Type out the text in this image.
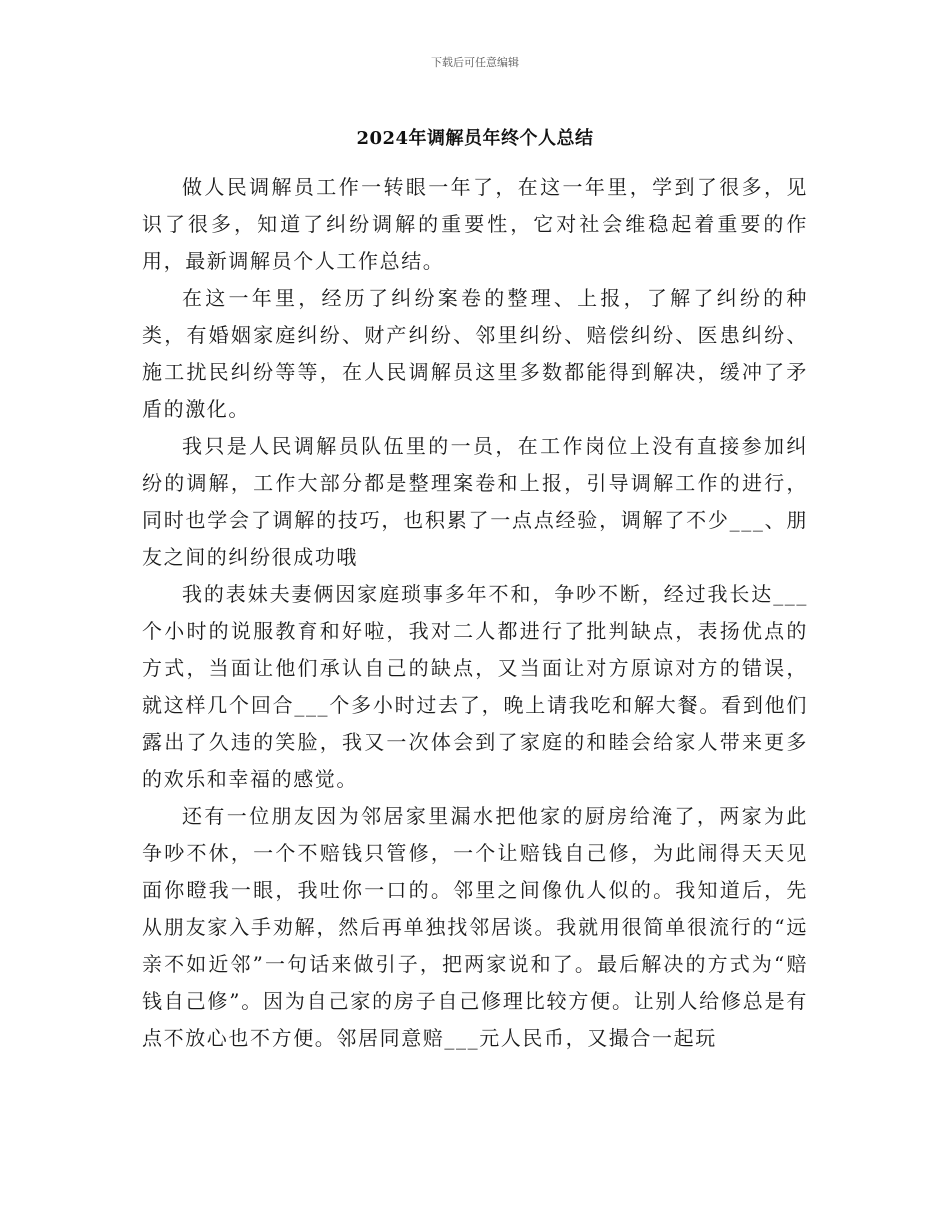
下载后可任意编辑
2024年调解员年终个人总结

做人民调解员工作一转眼一年了，在这一年里，学到了很多，见识了很多，知道了纠纷调解的重要性，它对社会维稳起着重要的作用，最新调解员个人工作总结。

在这一年里，经历了纠纷案卷的整理、上报，了解了纠纷的种类，有婚姻家庭纠纷、财产纠纷、邻里纠纷、赔偿纠纷、医患纠纷、施工扰民纠纷等等，在人民调解员这里多数都能得到解决，缓冲了矛盾的激化。

我只是人民调解员队伍里的一员，在工作岗位上没有直接参加纠纷的调解，工作大部分都是整理案卷和上报，引导调解工作的进行，同时也学会了调解的技巧，也积累了一点点经验，调解了不少___、朋友之间的纠纷很成功哦

我的表妹夫妻俩因家庭琐事多年不和，争吵不断，经过我长达___个小时的说服教育和好啦，我对二人都进行了批判缺点，表扬优点的方式，当面让他们承认自己的缺点，又当面让对方原谅对方的错误，就这样几个回合___个多小时过去了，晚上请我吃和解大餐。看到他们露出了久违的笑脸，我又一次体会到了家庭的和睦会给家人带来更多的欢乐和幸福的感觉。

还有一位朋友因为邻居家里漏水把他家的厨房给淹了，两家为此争吵不休，一个不赔钱只管修，一个让赔钱自己修，为此闹得天天见面你瞪我一眼，我吐你一口的。邻里之间像仇人似的。我知道后，先从朋友家入手劝解，然后再单独找邻居谈。我就用很简单很流行的“远亲不如近邻”一句话来做引子，把两家说和了。最后解决的方式为“赔钱自己修”。因为自己家的房子自己修理比较方便。让别人给修总是有点不放心也不方便。邻居同意赔___元人民币，又撮合一起玩
